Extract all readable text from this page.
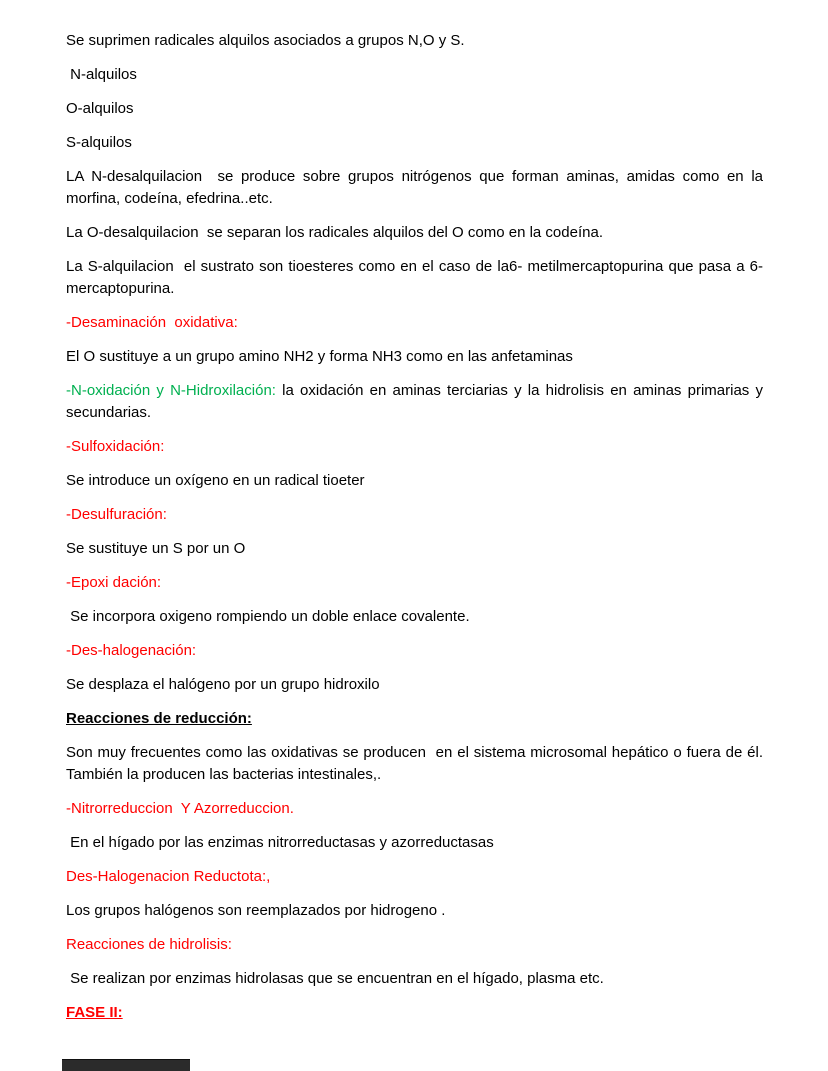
Se suprimen radicales alquilos asociados a grupos N,O y S.

N-alquilos

O-alquilos

S-alquilos

LA N-desalquilacion  se produce sobre grupos nitrógenos que forman aminas, amidas como en la morfina, codeína, efedrina..etc.

La O-desalquilacion  se separan los radicales alquilos del O como en la codeína.

La S-alquilacion  el sustrato son tioesteres como en el caso de la6- metilmercaptopurina que pasa a 6-mercaptopurina.

-Desaminación  oxidativa:

El O sustituye a un grupo amino NH2 y forma NH3 como en las anfetaminas

-N-oxidación y N-Hidroxilación: la oxidación en aminas terciarias y la hidrolisis en aminas primarias y secundarias.

-Sulfoxidación:

Se introduce un oxígeno en un radical tioeter

-Desulfuración:

Se sustituye un S por un O

-Epoxi dación:

Se incorpora oxigeno rompiendo un doble enlace covalente.

-Des-halogenación:

Se desplaza el halógeno por un grupo hidroxilo

Reacciones de reducción:

Son muy frecuentes como las oxidativas se producen  en el sistema microsomal hepático o fuera de él. También la producen las bacterias intestinales,.

-Nitrorreduccion  Y Azorreduccion.

En el hígado por las enzimas nitrorreductasas y azorreductasas

Des-Halogenacion Reductota:,

Los grupos halógenos son reemplazados por hidrogeno .

Reacciones de hidrolisis:

Se realizan por enzimas hidrolasas que se encuentran en el hígado, plasma etc.

FASE II:
